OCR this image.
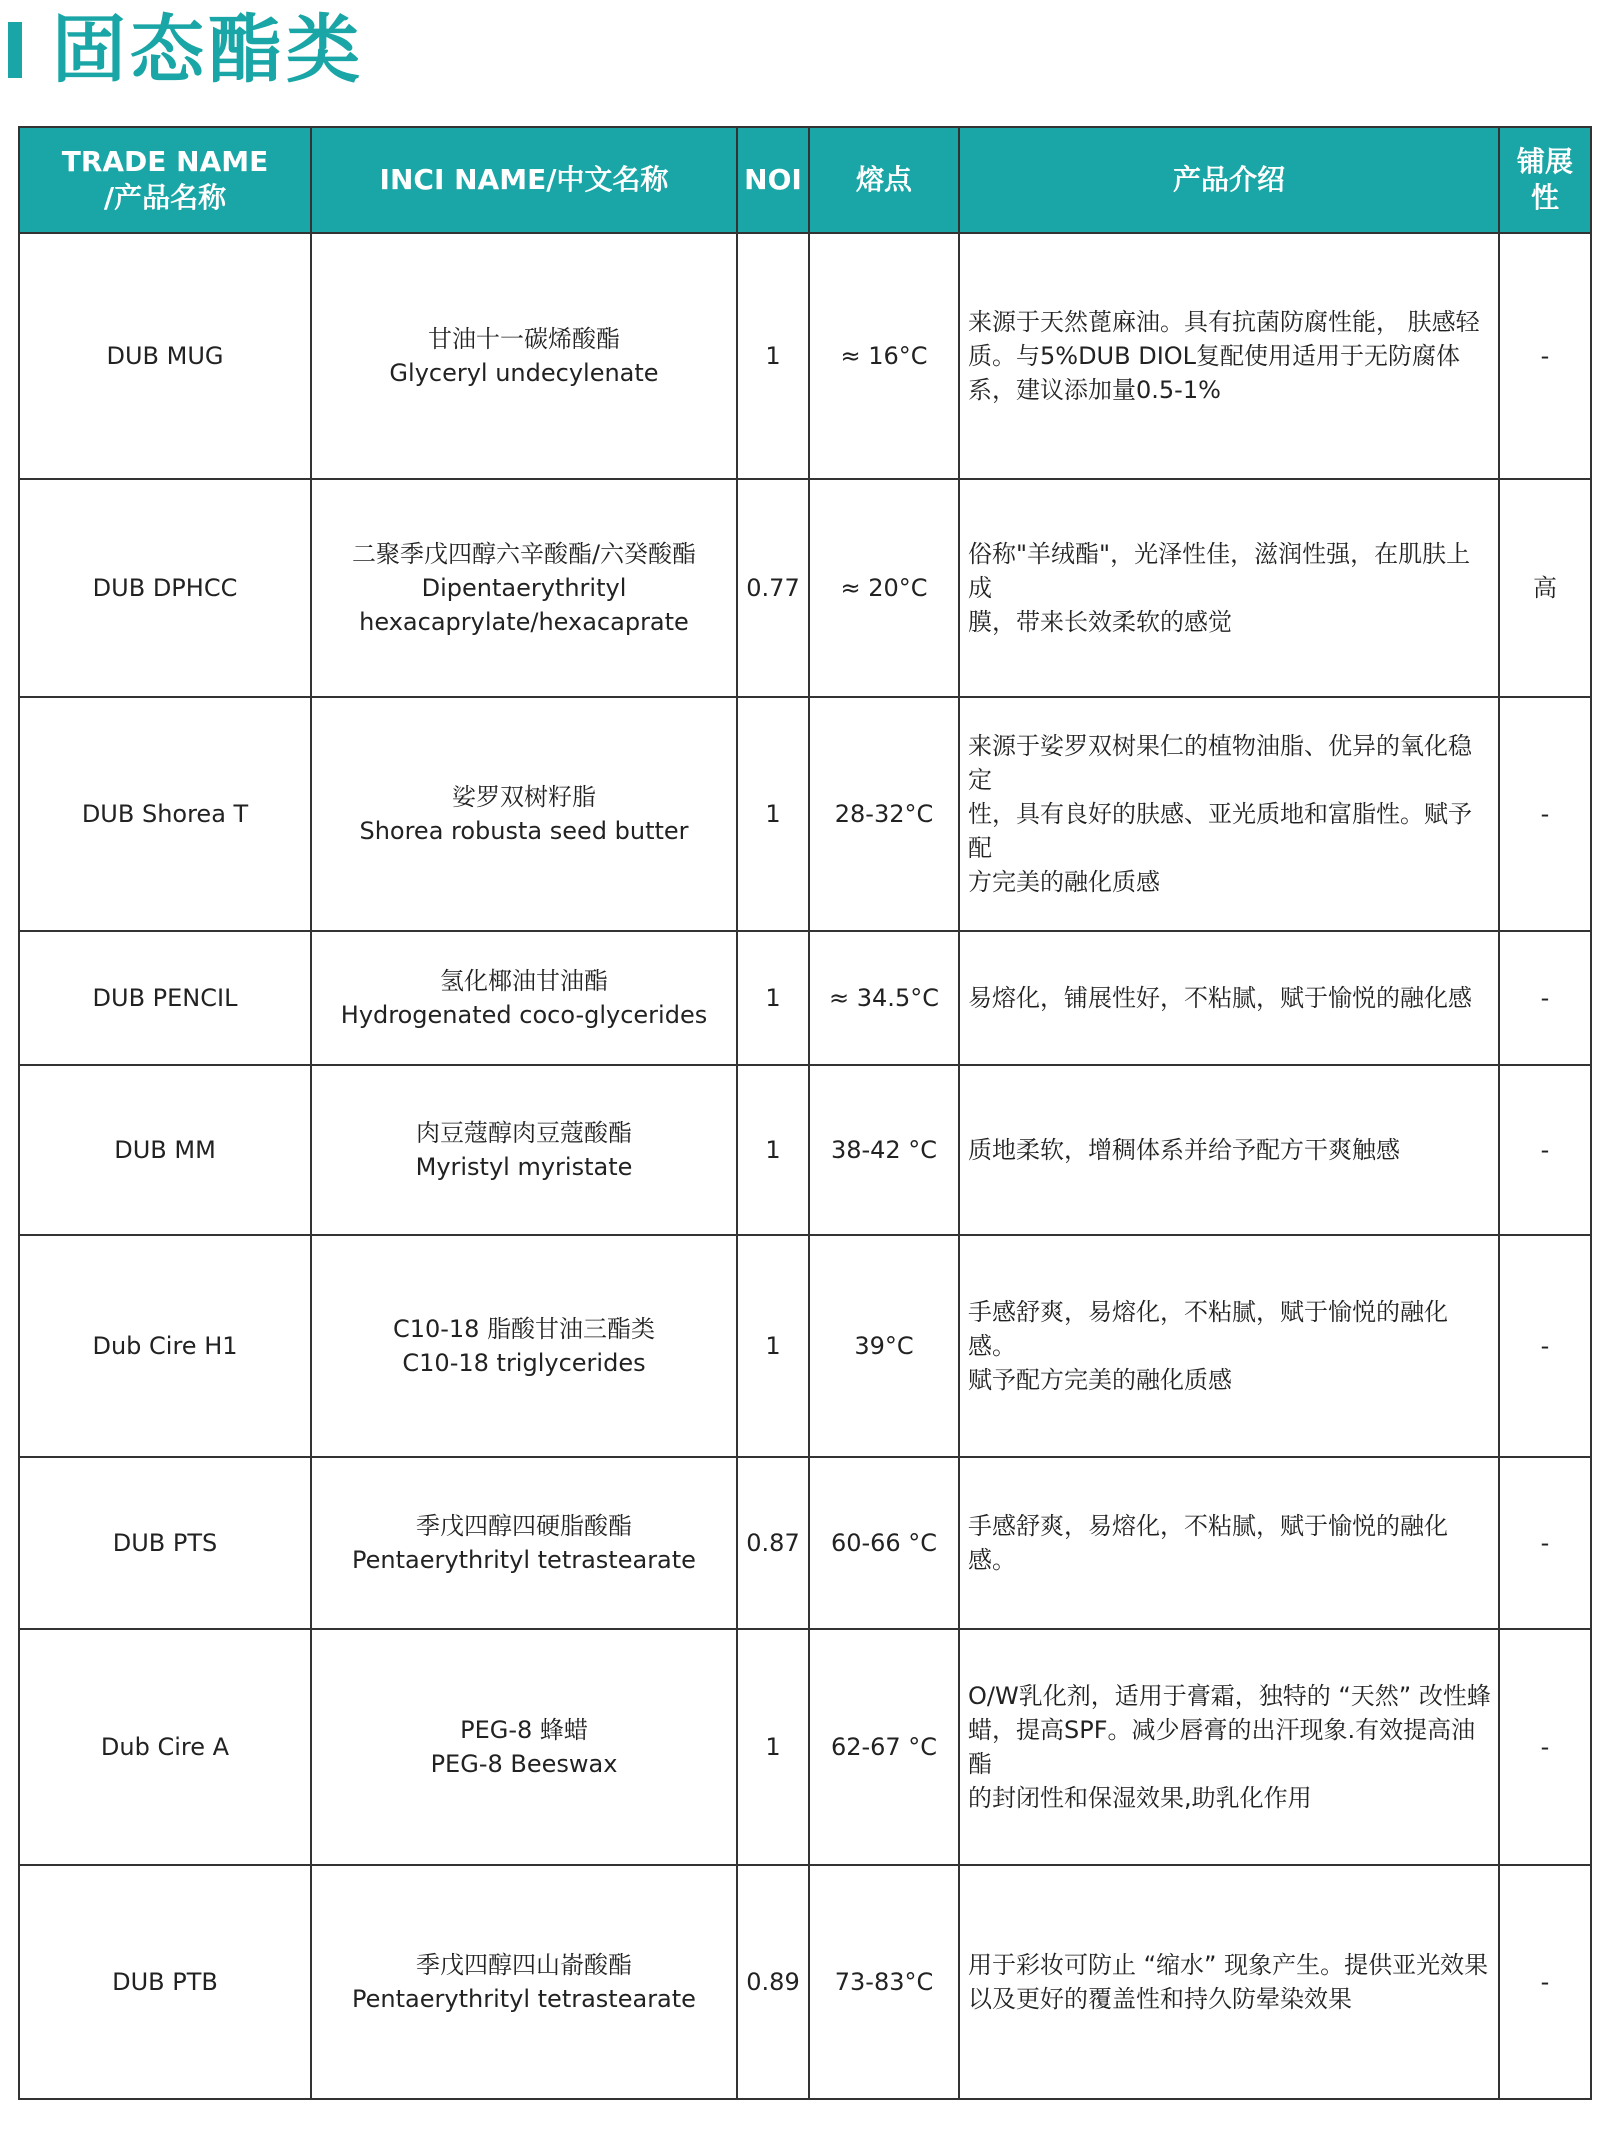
固态酯类
TRADE NAME
/产品名称	INCI NAME/中文名称	NOI	熔点	产品介绍	铺展
性

DUB MUG	甘油十一碳烯酸酯
Glyceryl undecylenate	1	≈ 16°C	来源于天然蓖麻油。具有抗菌防腐性能， 肤感轻
质。与5%DUB DIOL复配使用适用于无防腐体
系，建议添加量0.5-1%	-
DUB DPHCC	二聚季戊四醇六辛酸酯/六癸酸酯
Dipentaerythrityl
hexacaprylate/hexacaprate	0.77	≈ 20°C	俗称"羊绒酯"，光泽性佳，滋润性强，在肌肤上成
膜，带来长效柔软的感觉	高
DUB Shorea T	娑罗双树籽脂
Shorea robusta seed butter	1	28-32°C	来源于娑罗双树果仁的植物油脂、优异的氧化稳定
性，具有良好的肤感、亚光质地和富脂性。赋予配
方完美的融化质感	-
DUB PENCIL	氢化椰油甘油酯
Hydrogenated coco-glycerides	1	≈ 34.5°C	易熔化，铺展性好，不粘腻，赋于愉悦的融化感	-
DUB MM	肉豆蔻醇肉豆蔻酸酯
Myristyl myristate	1	38-42 °C	质地柔软，增稠体系并给予配方干爽触感	-
Dub Cire H1	C10-18 脂酸甘油三酯类
C10-18 triglycerides	1	39°C	手感舒爽，易熔化，不粘腻，赋于愉悦的融化感。
赋予配方完美的融化质感	-
DUB PTS	季戊四醇四硬脂酸酯
Pentaerythrityl tetrastearate	0.87	60-66 °C	手感舒爽，易熔化，不粘腻，赋于愉悦的融化感。	-
Dub Cire A	PEG-8 蜂蜡
PEG-8 Beeswax	1	62-67 °C	O/W乳化剂，适用于膏霜，独特的 “天然” 改性蜂
蜡，提高SPF。减少唇膏的出汗现象.有效提高油酯
的封闭性和保湿效果,助乳化作用	-
DUB PTB	季戊四醇四山嵛酸酯
Pentaerythrityl tetrastearate	0.89	73-83°C	用于彩妆可防止 “缩水” 现象产生。提供亚光效果
以及更好的覆盖性和持久防晕染效果	-
